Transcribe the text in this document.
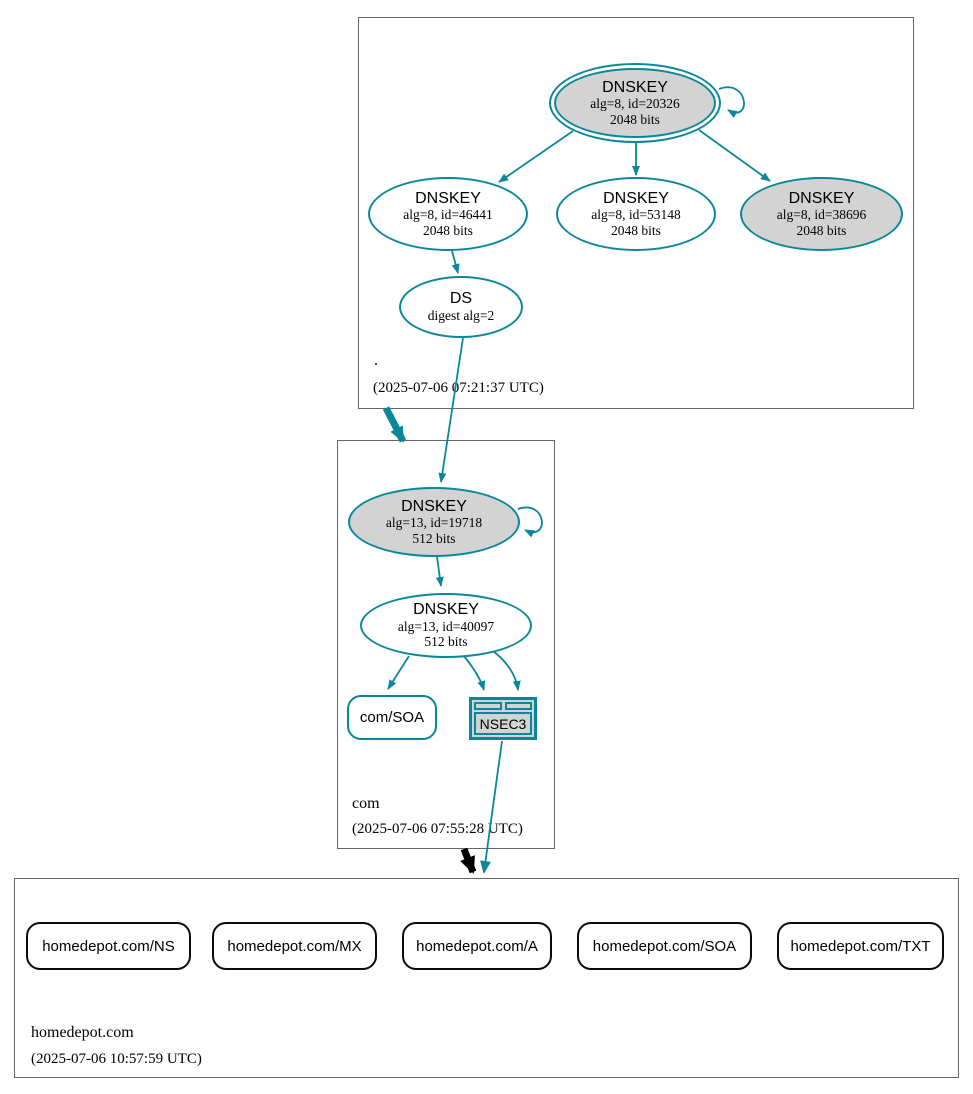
.
(2025-07-06 07:21:37 UTC)
com
(2025-07-06 07:55:28 UTC)
homedepot.com
(2025-07-06 10:57:59 UTC)
DNSKEY
alg=8, id=20326
2048 bits
DNSKEY
alg=8, id=46441
2048 bits
DNSKEY
alg=8, id=53148
2048 bits
DNSKEY
alg=8, id=38696
2048 bits
DS
digest alg=2
DNSKEY
alg=13, id=19718
512 bits
DNSKEY
alg=13, id=40097
512 bits
com/SOA	NSEC3
homedepot.com/NS	homedepot.com/MX	homedepot.com/A	homedepot.com/SOA	homedepot.com/TXT
